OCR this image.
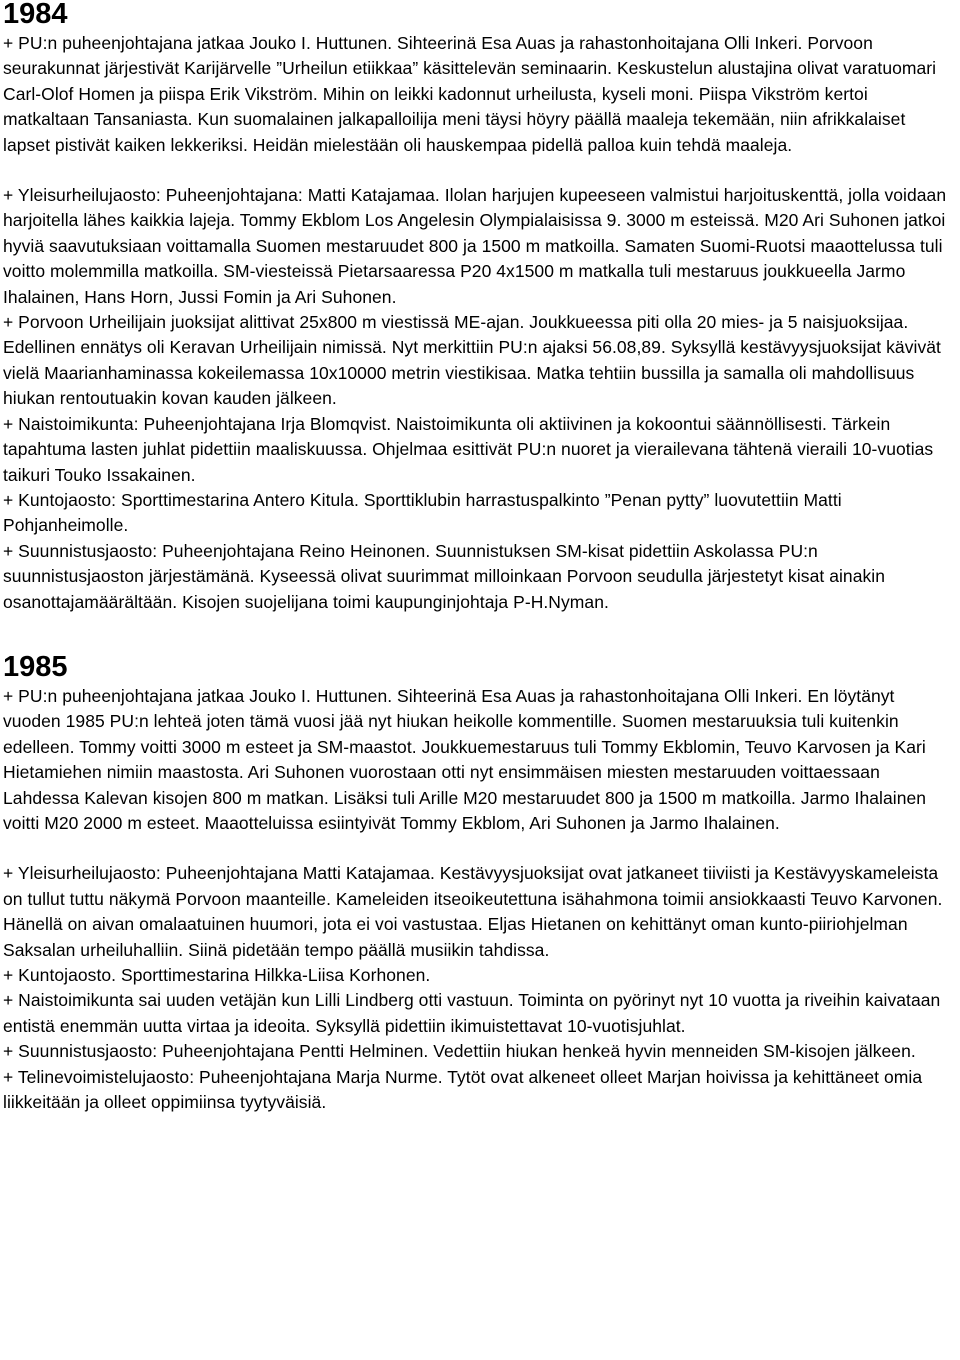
1984

+ PU:n puheenjohtajana jatkaa Jouko I. Huttunen. Sihteerinä Esa Auas ja rahastonhoitajana Olli Inkeri. Porvoon seurakunnat järjestivät Karijärvelle ”Urheilun etiikkaa” käsittelevän seminaarin. Keskustelun alustajina olivat varatuomari Carl-Olof Homen ja piispa Erik Vikström. Mihin on leikki kadonnut urheilusta, kyseli moni. Piispa Vikström kertoi matkaltaan Tansaniasta. Kun suomalainen jalkapalloilija meni täysi höyry päällä maaleja tekemään, niin afrikkalaiset lapset pistivät kaiken lekkeriksi. Heidän mielestään oli hauskempaa pidellä palloa kuin tehdä maaleja.

+ Yleisurheilujaosto: Puheenjohtajana: Matti Katajamaa. Ilolan harjujen kupeeseen valmistui harjoituskenttä, jolla voidaan harjoitella lähes kaikkia lajeja. Tommy Ekblom Los Angelesin Olympialaisissa 9. 3000 m esteissä. M20 Ari Suhonen jatkoi hyviä saavutuksiaan voittamalla Suomen mestaruudet 800 ja 1500 m matkoilla. Samaten Suomi-Ruotsi maaottelussa tuli voitto molemmilla matkoilla. SM-viesteissä Pietarsaaressa P20 4x1500 m matkalla tuli mestaruus joukkueella Jarmo Ihalainen, Hans Horn, Jussi Fomin ja Ari Suhonen.

+ Porvoon Urheilijain juoksijat alittivat 25x800 m viestissä ME-ajan. Joukkueessa piti olla 20 mies- ja 5 naisjuoksijaa. Edellinen ennätys oli Keravan Urheilijain nimissä. Nyt merkittiin PU:n ajaksi 56.08,89. Syksyllä kestävyysjuoksijat kävivät vielä Maarianhaminassa kokeilemassa 10x10000 metrin viestikisaa. Matka tehtiin bussilla ja samalla oli mahdollisuus hiukan rentoutuakin kovan kauden jälkeen.

+ Naistoimikunta: Puheenjohtajana Irja Blomqvist. Naistoimikunta oli aktiivinen ja kokoontui säännöllisesti. Tärkein tapahtuma lasten juhlat pidettiin maaliskuussa. Ohjelmaa esittivät PU:n nuoret ja vierailevana tähtenä vieraili 10-vuotias taikuri Touko Issakainen.

+ Kuntojaosto: Sporttimestarina Antero Kitula. Sporttiklubin harrastuspalkinto ”Penan pytty” luovutettiin Matti Pohjanheimolle.

+ Suunnistusjaosto: Puheenjohtajana Reino Heinonen. Suunnistuksen SM-kisat pidettiin Askolassa PU:n suunnistusjaoston järjestämänä. Kyseessä olivat suurimmat milloinkaan Porvoon seudulla järjestetyt kisat ainakin osanottajamäärältään. Kisojen suojelijana toimi kaupunginjohtaja P-H.Nyman.

1985

+ PU:n puheenjohtajana jatkaa Jouko I. Huttunen. Sihteerinä Esa Auas ja rahastonhoitajana Olli Inkeri. En löytänyt vuoden 1985 PU:n lehteä joten tämä vuosi jää nyt hiukan heikolle kommentille. Suomen mestaruuksia tuli kuitenkin edelleen. Tommy voitti 3000 m esteet ja SM-maastot. Joukkuemestaruus tuli Tommy Ekblomin, Teuvo Karvosen ja Kari Hietamiehen nimiin maastosta. Ari Suhonen vuorostaan otti nyt ensimmäisen miesten mestaruuden voittaessaan Lahdessa Kalevan kisojen 800 m matkan. Lisäksi tuli Arille M20 mestaruudet 800 ja 1500 m matkoilla. Jarmo Ihalainen voitti M20 2000 m esteet. Maaotteluissa esiintyivät Tommy Ekblom, Ari Suhonen ja Jarmo Ihalainen.

+ Yleisurheilujaosto: Puheenjohtajana Matti Katajamaa. Kestävyysjuoksijat ovat jatkaneet tiiviisti ja Kestävyyskameleista on tullut tuttu näkymä Porvoon maanteille. Kameleiden itseoikeutettuna isähahmona toimii ansiokkaasti Teuvo Karvonen. Hänellä on aivan omalaatuinen huumori, jota ei voi vastustaa. Eljas Hietanen on kehittänyt oman kunto-piiriohjelman Saksalan urheiluhalliin. Siinä pidetään tempo päällä musiikin tahdissa.

+ Kuntojaosto. Sporttimestarina Hilkka-Liisa Korhonen.

+ Naistoimikunta sai uuden vetäjän kun Lilli Lindberg otti vastuun. Toiminta on pyörinyt nyt 10 vuotta ja riveihin kaivataan entistä enemmän uutta virtaa ja ideoita. Syksyllä pidettiin ikimuistettavat 10-vuotisjuhlat.

+ Suunnistusjaosto: Puheenjohtajana Pentti Helminen. Vedettiin hiukan henkeä hyvin menneiden SM-kisojen jälkeen.

+ Telinevoimistelujaosto: Puheenjohtajana Marja Nurme. Tytöt ovat alkeneet olleet Marjan hoivissa ja kehittäneet omia liikkeitään ja olleet oppimiinsa tyytyväisiä.
